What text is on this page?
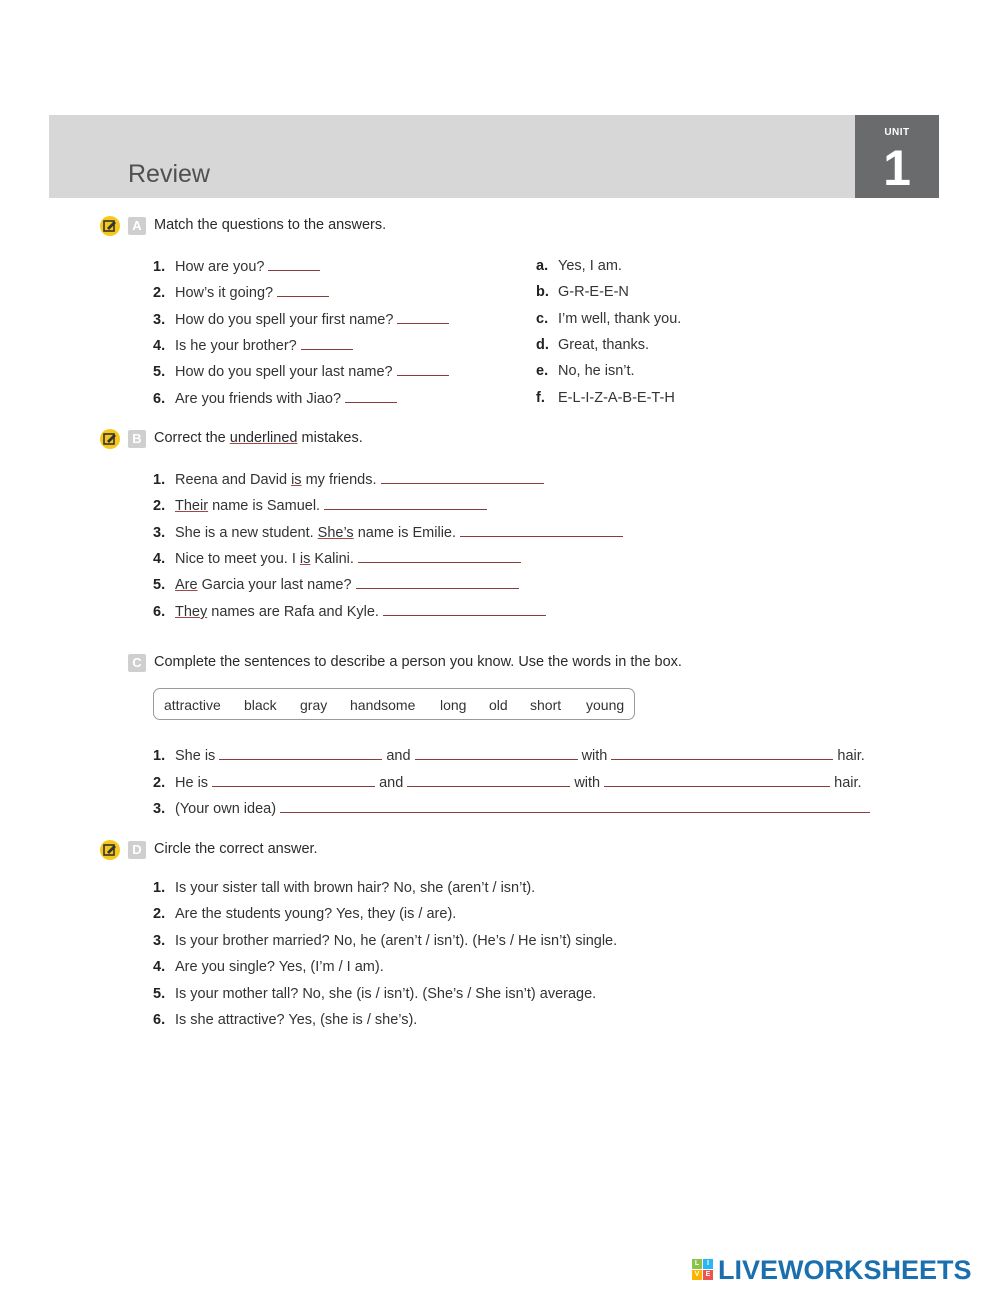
Review
UNIT
1
A Match the questions to the answers.
1. How are you?
2. How’s it going?
3. How do you spell your first name?
4. Is he your brother?
5. How do you spell your last name?
6. Are you friends with Jiao?
a. Yes, I am.
b. G-R-E-E-N
c. I’m well, thank you.
d. Great, thanks.
e. No, he isn’t.
f. E-L-I-Z-A-B-E-T-H
B Correct the underlined mistakes.
1. Reena and David is my friends.
2. Their name is Samuel.
3. She is a new student. She’s name is Emilie.
4. Nice to meet you. I is Kalini.
5. Are Garcia your last name?
6. They names are Rafa and Kyle.
C Complete the sentences to describe a person you know. Use the words in the box.
attractive black gray handsome long old short young
1. She is	and	with	hair.
2. He is	and	with	hair.
3. (Your own idea)
D Circle the correct answer.
1. Is your sister tall with brown hair? No, she (aren’t / isn’t).
2. Are the students young? Yes, they (is / are).
3. Is your brother married? No, he (aren’t / isn’t). (He’s / He isn’t) single.
4. Are you single? Yes, (I’m / I am).
5. Is your mother tall? No, she (is / isn’t). (She’s / She isn’t) average.
6. Is she attractive? Yes, (she is / she’s).
L	I
V E LIVEWORKSHEETS
